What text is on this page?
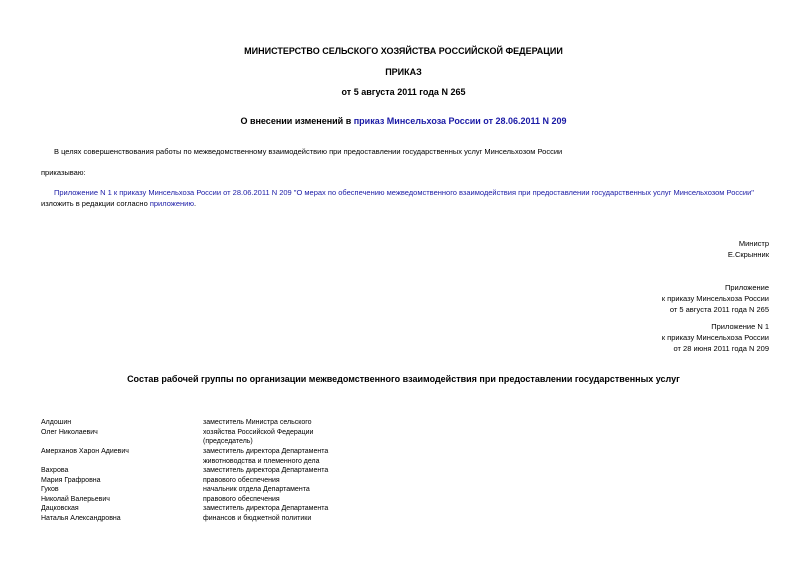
МИНИСТЕРСТВО СЕЛЬСКОГО ХОЗЯЙСТВА РОССИЙСКОЙ ФЕДЕРАЦИИ
ПРИКАЗ
от 5 августа 2011 года N 265
О внесении изменений в приказ Минсельхоза России от 28.06.2011 N 209
В целях совершенствования работы по межведомственному взаимодействию при предоставлении государственных услуг Минсельхозом России
приказываю:
Приложение N 1 к приказу Минсельхоза России от 28.06.2011 N 209 "О мерах по обеспечению межведомственного взаимодействия при предоставлении государственных услуг Минсельхозом России" изложить в редакции согласно приложению.
Министр
Е.Скрынник
Приложение
к приказу Минсельхоза России
от 5 августа 2011 года N 265
Приложение N 1
к приказу Минсельхоза России
от 28 июня 2011 года N 209
Состав рабочей группы по организации межведомственного взаимодействия при предоставлении государственных услуг
Алдошин
Олег Николаевич
заместитель Министра сельского
хозяйства Российской Федерации
(председатель)
Амерханов Харон Адиевич	заместитель директора Департамента
животноводства и племенного дела
Вахрова
Мария Графровна
заместитель директора Департамента
правового обеспечения
Гуков
Николай Валерьевич
начальник отдела Департамента
правового обеспечения
Дацковская
Наталья Александровна
заместитель директора Департамента
финансов и бюджетной политики
